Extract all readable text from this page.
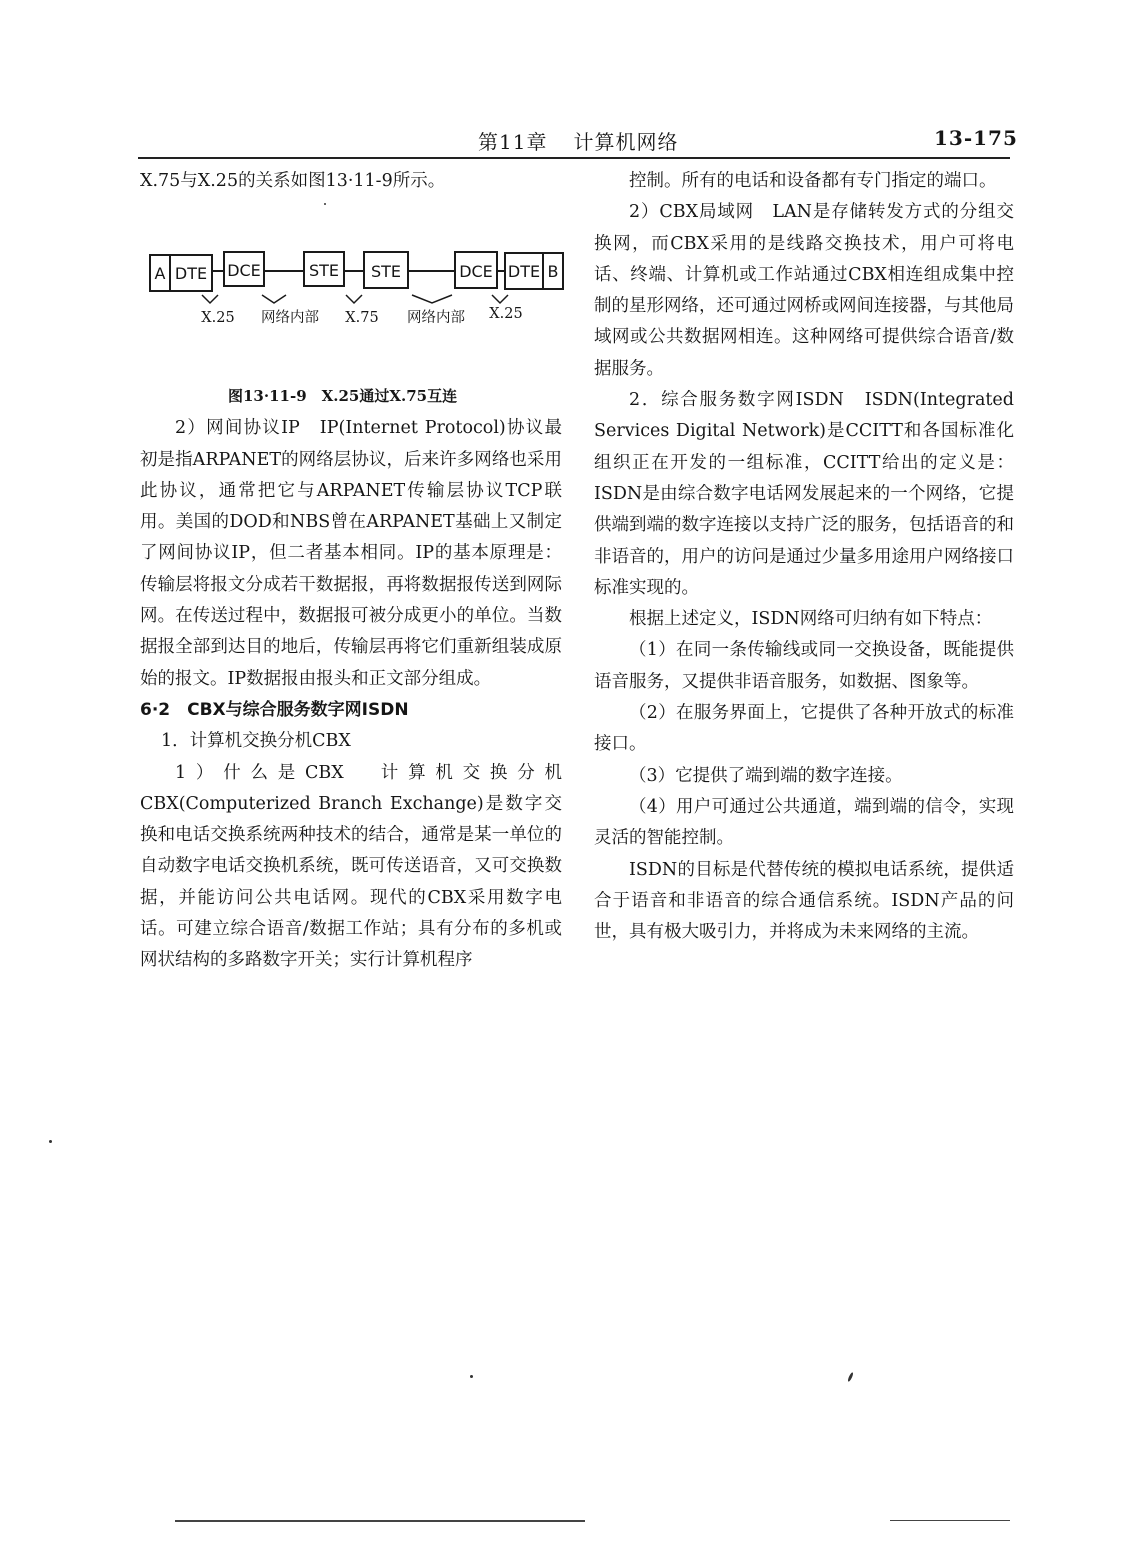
第11章 计算机网络	13-175

X.75与X.25的关系如图13·11-9所示。

A DTE DCE	STE STE	DCE DTE B
X.25 网络内部 X.75 网络内部 X.25
图13·11-9　X.25通过X.75互连

2）网间协议IP　IP(Internet Protocol)协议最初是指ARPANET的网络层协议，后来许多网络也采用此协议，通常把它与ARPANET传输层协议TCP联用。美国的DOD和NBS曾在ARPANET基础上又制定了网间协议IP，但二者基本相同。IP的基本原理是：传输层将报文分成若干数据报，再将数据报传送到网际网。在传送过程中，数据报可被分成更小的单位。当数据报全部到达目的地后，传输层再将它们重新组装成原始的报文。IP数据报由报头和正文部分组成。

6·2　CBX与综合服务数字网ISDN

1．计算机交换分机CBX

1）什么是CBX　计算机交换分机CBX(Computerized Branch Exchange)是数字交换和电话交换系统两种技术的结合，通常是某一单位的自动数字电话交换机系统，既可传送语音，又可交换数据，并能访问公共电话网。现代的CBX采用数字电话。可建立综合语音/数据工作站；具有分布的多机或网状结构的多路数字开关；实行计算机程序

控制。所有的电话和设备都有专门指定的端口。

2）CBX局域网　LAN是存储转发方式的分组交换网，而CBX采用的是线路交换技术，用户可将电话、终端、计算机或工作站通过CBX相连组成集中控制的星形网络，还可通过网桥或网间连接器，与其他局域网或公共数据网相连。这种网络可提供综合语音/数据服务。

2．综合服务数字网ISDN　ISDN(Integrated Services Digital Network)是CCITT和各国标准化组织正在开发的一组标准，CCITT给出的定义是：ISDN是由综合数字电话网发展起来的一个网络，它提供端到端的数字连接以支持广泛的服务，包括语音的和非语音的，用户的访问是通过少量多用途用户网络接口标准实现的。

根据上述定义，ISDN网络可归纳有如下特点：

（1）在同一条传输线或同一交换设备，既能提供语音服务，又提供非语音服务，如数据、图象等。

（2）在服务界面上，它提供了各种开放式的标准接口。

（3）它提供了端到端的数字连接。

（4）用户可通过公共通道，端到端的信令，实现灵活的智能控制。

ISDN的目标是代替传统的模拟电话系统，提供适合于语音和非语音的综合通信系统。ISDN产品的问世，具有极大吸引力，并将成为未来网络的主流。
